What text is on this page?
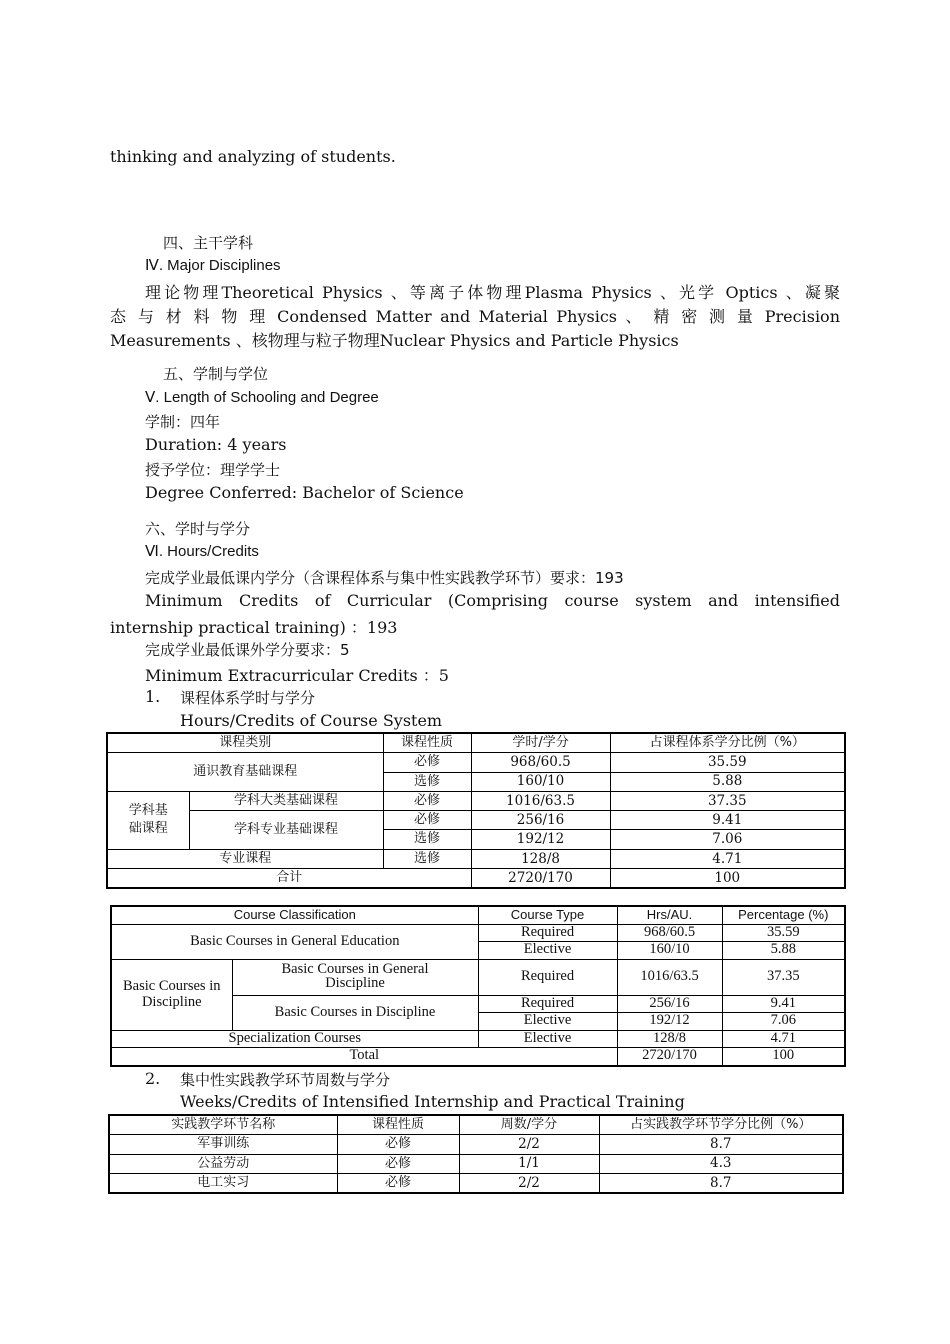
thinking and analyzing of students.
四、主干学科
Ⅳ. Major Disciplines
理论物理Theoretical Physics 、等离子体物理Plasma Physics 、光学 Optics 、凝聚
态 与 材 料 物 理 Condensed Matter and Material Physics 、 精 密 测 量 Precision
Measurements 、核物理与粒子物理Nuclear Physics and Particle Physics
五、学制与学位
Ⅴ. Length of Schooling and Degree
学制：四年
Duration: 4 years
授予学位：理学学士
Degree Conferred: Bachelor of Science
六、学时与学分
Ⅵ. Hours/Credits
完成学业最低课内学分（含课程体系与集中性实践教学环节）要求：193
Minimum Credits of Curricular (Comprising course system and intensified
internship practical training) ：193
完成学业最低课外学分要求：5
Minimum Extracurricular Credits ：5
1. 课程体系学时与学分
Hours/Credits of Course System
课程类别		课程性质	学时/学分	占课程体系学分比例（%）
通识教育基础课程		必修	968/60.5	35.59
		选修	160/10	5.88
学科基础课程	学科大类基础课程	必修	1016/63.5	37.35
	学科专业基础课程	必修	256/16	9.41
		选修	192/12	7.06
专业课程		选修	128/8	4.71
合计			2720/170	100
Course Classification		Course Type	Hrs/AU.	Percentage (%)
Basic Courses in General Education		Required	968/60.5	35.59
		Elective	160/10	5.88
Basic Courses in Discipline	Basic Courses in General Discipline	Required	1016/63.5	37.35
	Basic Courses in Discipline	Required	256/16	9.41
		Elective	192/12	7.06
Specialization Courses		Elective	128/8	4.71
Total			2720/170	100
2. 集中性实践教学环节周数与学分
Weeks/Credits of Intensified Internship and Practical Training
实践教学环节名称	课程性质	周数/学分	占实践教学环节学分比例（%）
军事训练	必修	2/2	8.7
公益劳动	必修	1/1	4.3
电工实习	必修	2/2	8.7
